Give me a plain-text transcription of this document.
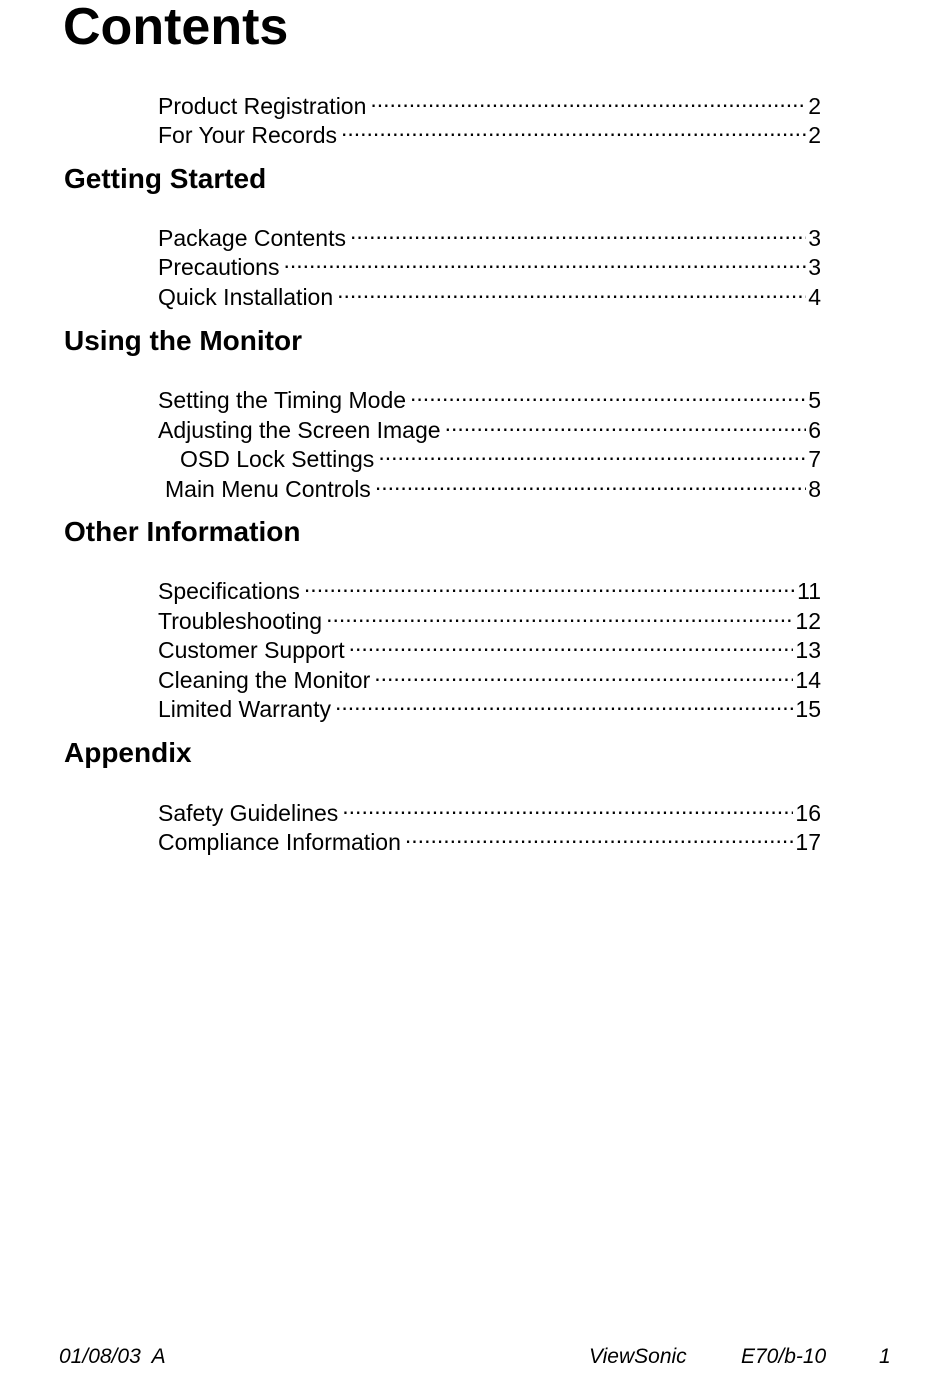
Contents
Product Registration .....	2
For Your Records .....	2
Getting Started
Package Contents .....	3
Precautions .....	3
Quick Installation .....	4
Using the Monitor
Setting the Timing Mode .....	5
Adjusting the Screen Image .....	6
OSD Lock Settings .....	7
Main Menu Controls .....	8
Other Information
Specifications .....	11
Troubleshooting .....	12
Customer Support .....	13
Cleaning the Monitor .....	14
Limited Warranty .....	15
Appendix
Safety Guidelines .....	16
Compliance Information .....	17
01/08/03  A	ViewSonic	E70/b-10	1
